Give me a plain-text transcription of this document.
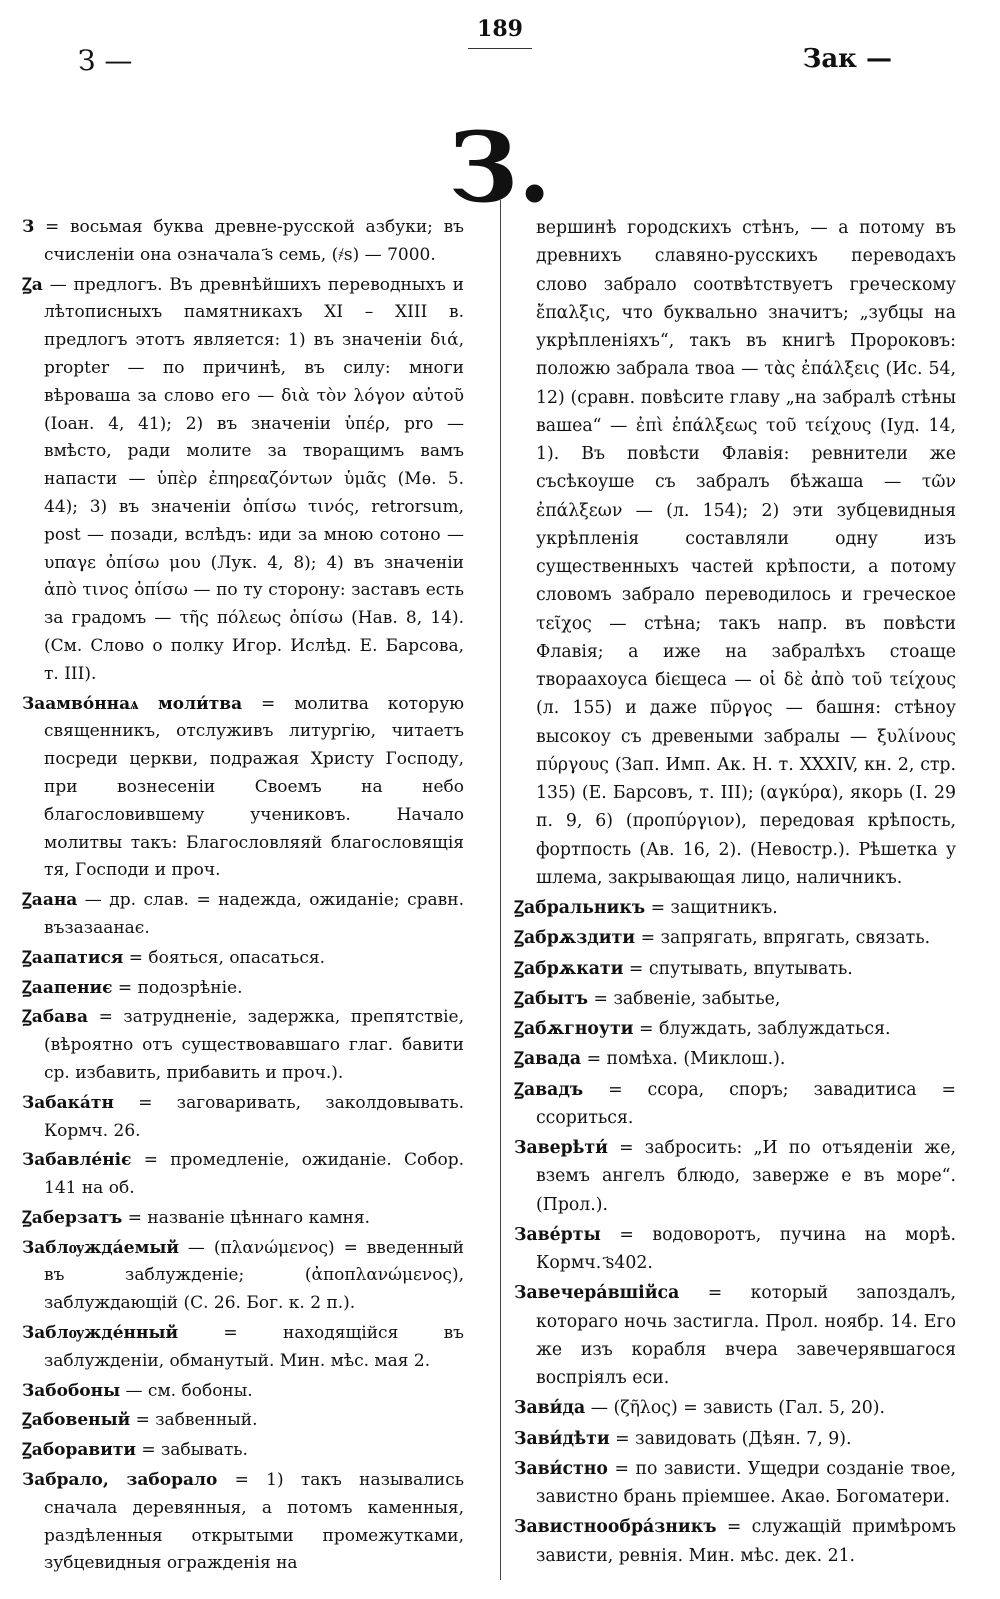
189
З —	Зак —
З.

З = восьмая буква древне-русской азбуки; въ счисленіи она означала ҃ѕ семь, (҂ѕ) — 7000.

Ꙁа — предлогъ. Въ древнѣйшихъ переводныхъ и лѣтописныхъ памятникахъ XI – XIII в. предлогъ этотъ является: 1) въ значеніи διά, propter — по причинѣ, въ силу: многи вѣроваша за слово его — διὰ τὸν λόγον αὐτοῦ (Іоан. 4, 41); 2) въ значеніи ὑπέρ, pro — вмѣсто, ради молите за творащимъ вамъ напасти — ὑπὲρ ἐπηρεαζόντων ὑμᾶς (Мѳ. 5. 44); 3) въ значеніи ὀπίσω τινός, retrorsum, post — позади, вслѣдъ: иди за мною сотоно — υπαγε ὀπίσω μου (Лук. 4, 8); 4) въ значеніи ἀπὸ τινος ὀπίσω — по ту сторону: заставъ есть за градомъ — τῆς πόλεως ὀπίσω (Нав. 8, 14). (См. Слово о полку Игор. Ислѣд. Е. Барсова, т. III).

Заамво́ннаѧ моли́тва = молитва которую священникъ, отслуживъ литургію, читаетъ посреди церкви, подражая Христу Господу, при вознесеніи Своемъ на небо благословившему учениковъ. Начало молитвы такъ: Благословляяй благословящія тя, Господи и проч.

Ꙁаана — др. слав. = надежда, ожиданіе; сравн. възазаанає.

Ꙁаапатися = бояться, опасаться.

Ꙁаапениє = подозрѣніе.

Ꙁабава = затрудненіе, задержка, препятствіе, (вѣроятно отъ существовавшаго глаг. бавити ср. избавить, прибавить и проч.).

Забака́тн = заговаривать, заколдовывать. Кормч. 26.

Забавле́ніє = промедленіе, ожиданіе. Собор. 141 на об.

Ꙁаберзатъ = названіе цѣннаго камня.

Заблѹжда́емый — (πλανώμενος) = введенный въ заблужденіе; (ἀποπλανώμενος), заблуждающій (С. 26. Бог. к. 2 п.).

Заблѹжде́нный = находящійся въ заблужденіи, обманутый. Мин. мѣс. мая 2.

Забобоны — см. бобоны.

Ꙁабовеный = забвенный.

Ꙁаборавити = забывать.

Забрало, заборало = 1) такъ назывались сначала деревянныя, а потомъ каменныя, раздѣленныя открытыми промежутками, зубцевидныя огражденія на

вершинѣ городскихъ стѣнъ, — а потому въ древнихъ славяно-русскихъ переводахъ слово забрало соотвѣтствуетъ греческому ἔπαλξις, что буквально значитъ; „зубцы на укрѣпленіяхъ“, такъ въ книгѣ Пророковъ: положю забрала твоа — τὰς ἐπάλξεις (Ис. 54, 12) (сравн. повѣсите главу „на забралѣ стѣны вашеа“ — ἐπὶ ἐπάλξεως τοῦ τείχους (Іуд. 14, 1). Въ повѣсти Флавія: ревнители же съсѣкоуше съ забралъ бѣжаша — τῶν ἐπάλξεων — (л. 154); 2) эти зубцевидныя укрѣпленія составляли одну изъ существенныхъ частей крѣпости, а потому словомъ забрало переводилось и греческое τεῖχος — стѣна; такъ напр. въ повѣсти Флавія; а иже на забралѣхъ стоаще твораахоуса бієщеса — οἱ δὲ ἀπὸ τοῦ τείχους (л. 155) и даже πῦργος — башня: стѣноу высокоу съ древеными забралы — ξυλίνους πύργους (Зап. Имп. Ак. Н. т. XXXIV, кн. 2, стр. 135) (Е. Барсовъ, т. III); (αγκύρα), якорь (І. 29 п. 9, 6) (προπύργιον), передовая крѣпость, фортпость (Ав. 16, 2). (Невостр.). Рѣшетка у шлема, закрывающая лицо, наличникъ.

Ꙁабральникъ = защитникъ.

Ꙁабрѫздити = запрягать, впрягать, связать.

Ꙁабрѫкати = спутывать, впутывать.

Ꙁабытъ = забвеніе, забытье,

Ꙁабѫгноути = блуждать, заблуждаться.

Ꙁавада = помѣха. (Миклош.).

Ꙁавадъ = ссора, споръ; завадитиса = ссориться.

Заверҍти́ = забросить: „И по отъяденіи же, вземъ ангелъ блюдо, заверже е въ море“. (Прол.).

Заве́рты = водоворотъ, пучина на морѣ. Кормч. ҃ѕ402.

Завечера́вшійса = который запоздалъ, котораго ночь застигла. Прол. ноябр. 14. Его же изъ корабля вчера завечерявшагося воспріялъ еси.

Зави́да — (ζῆλος) = зависть (Гал. 5, 20).

Зави́дѣти = завидовать (Дѣян. 7, 9).

Зави́стно = по зависти. Ущедри созданіе твое, завистно брань пріемшее. Акаѳ. Богоматери.

Завистнообра́зникъ = служащій примѣромъ зависти, ревнія. Мин. мѣс. дек. 21.
